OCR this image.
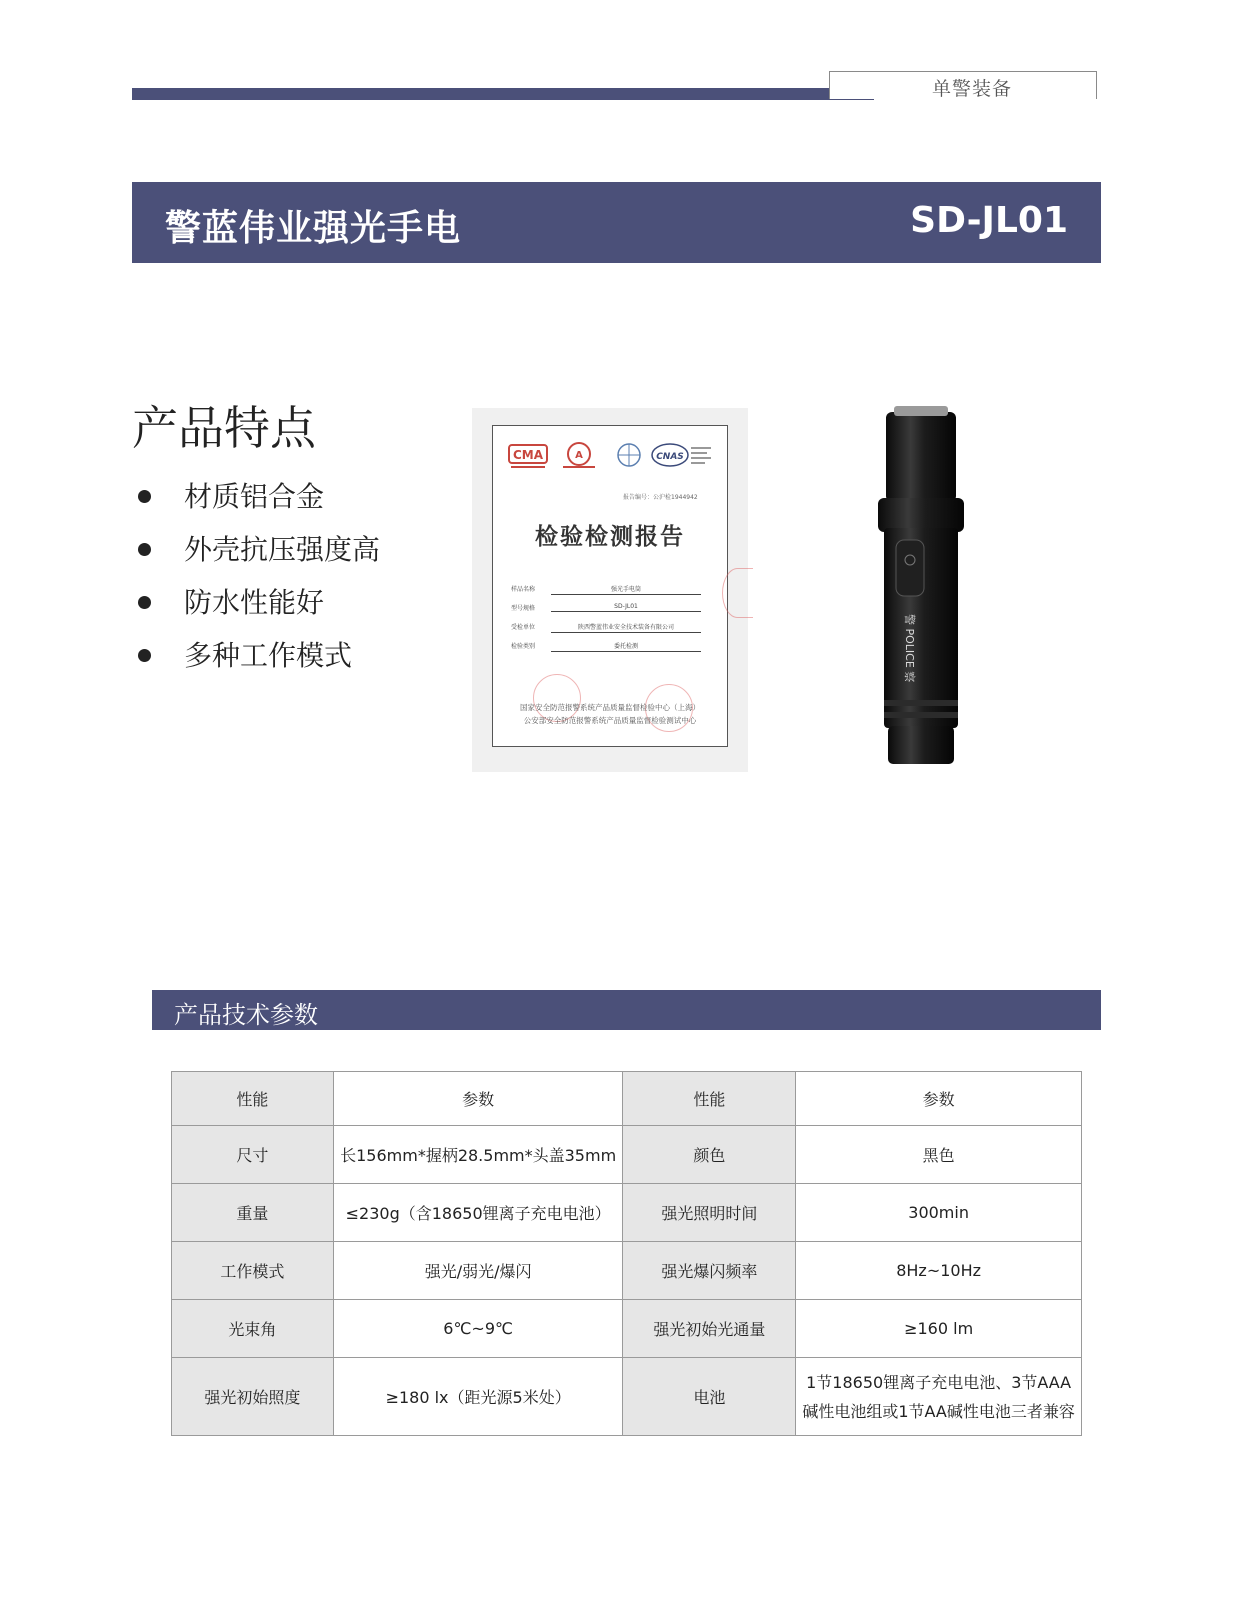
单警装备
警蓝伟业强光手电	SD-JL01
产品特点
材质铝合金
外壳抗压强度高
防水性能好
多种工作模式
CMA	A	CNAS
报告编号：公沪检1944942
检验检测报告
样品名称	强光手电筒
型号规格	SD-JL01
受检单位	陕西警蓝伟业安全技术装备有限公司
检验类别	委托检测
国家安全防范报警系统产品质量监督检验中心（上海）
公安部安全防范报警系统产品质量监督检验测试中心
警 POLICE 察
产品技术参数
性能	参数	性能	参数
尺寸	长156mm*握柄28.5mm*头盖35mm	颜色	黑色
重量	≤230g（含18650锂离子充电电池）	强光照明时间	300min
工作模式	强光/弱光/爆闪	强光爆闪频率	8Hz~10Hz
光束角	6℃~9℃	强光初始光通量	≥160 lm
强光初始照度	≥180 lx（距光源5米处）	电池	1节18650锂离子充电电池、3节AAA碱性电池组或1节AA碱性电池三者兼容
